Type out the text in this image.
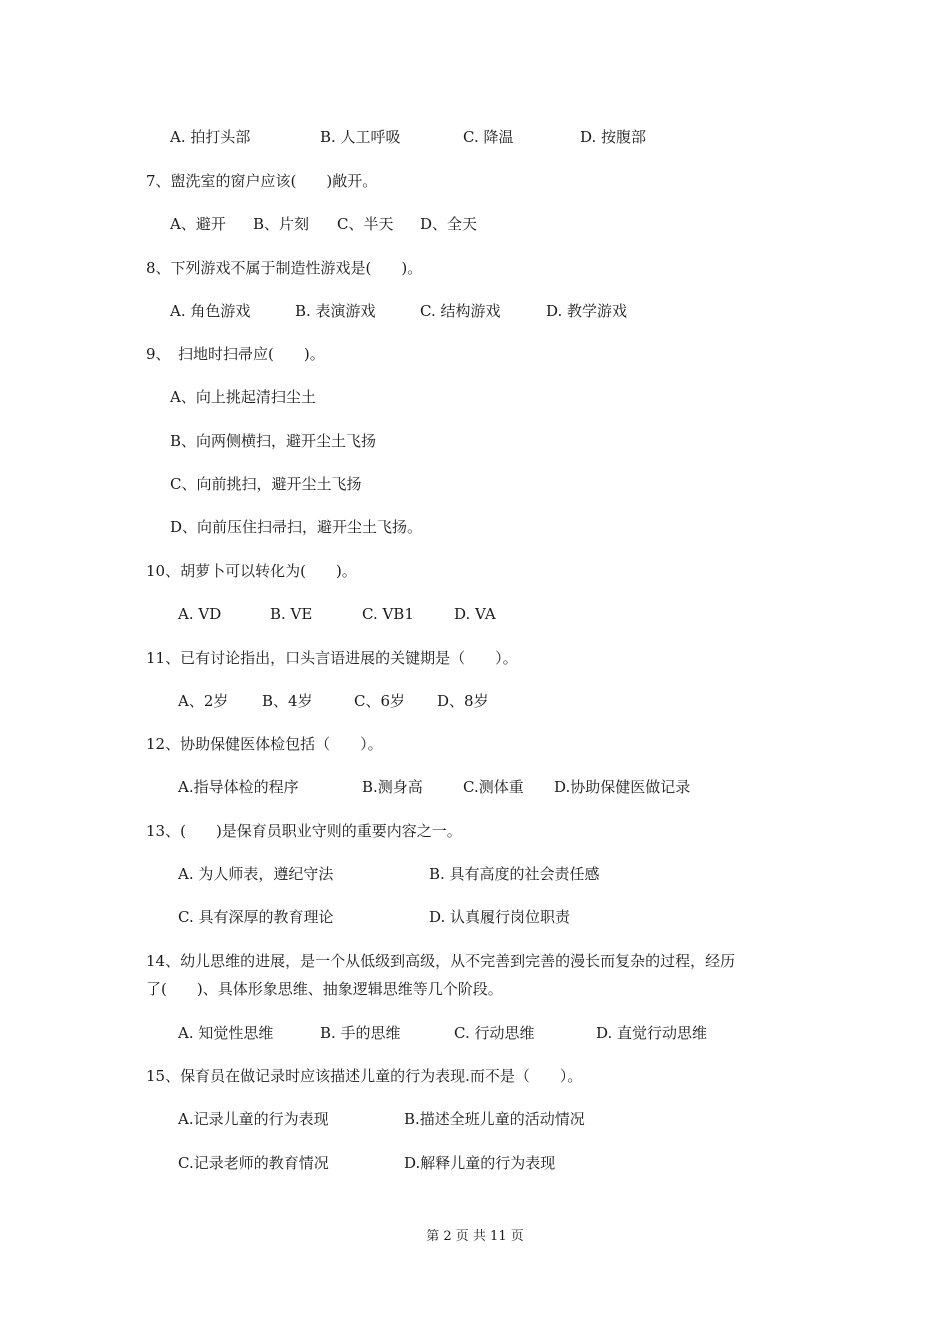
A. 拍打头部	B. 人工呼吸	C. 降温	D. 按腹部
7、盥洗室的窗户应该(　　)敞开。
A、避开 B、片刻 C、半天 D、全天
8、下列游戏不属于制造性游戏是(　　)。
A. 角色游戏	B. 表演游戏	C. 结构游戏	D. 教学游戏
9、　扫地时扫帚应(　　)。
A、向上挑起清扫尘土
B、向两侧横扫，避开尘土飞扬
C、向前挑扫，避开尘土飞扬
D、向前压住扫帚扫，避开尘土飞扬。
10、胡萝卜可以转化为(　　)。
A. VD	B. VE	C. VB1	D. VA
11、已有讨论指出，口头言语进展的关键期是（　　）。
A、2岁 B、4岁	C、6岁 D、8岁
12、协助保健医体检包括（　　）。
A.指导体检的程序	B.测身高	C.测体重 D.协助保健医做记录
13、(　　)是保育员职业守则的重要内容之一。
A. 为人师表，遵纪守法	B. 具有高度的社会责任感
C. 具有深厚的教育理论	D. 认真履行岗位职责
14、幼儿思维的进展，是一个从低级到高级，从不完善到完善的漫长而复杂的过程，经历
了(　　)、具体形象思维、抽象逻辑思维等几个阶段。
A. 知觉性思维	B. 手的思维	C. 行动思维	D. 直觉行动思维
15、保育员在做记录时应该描述儿童的行为表现.而不是（　　）。
A.记录儿童的行为表现	B.描述全班儿童的活动情况
C.记录老师的教育情况	D.解释儿童的行为表现
第 2 页 共 11 页
